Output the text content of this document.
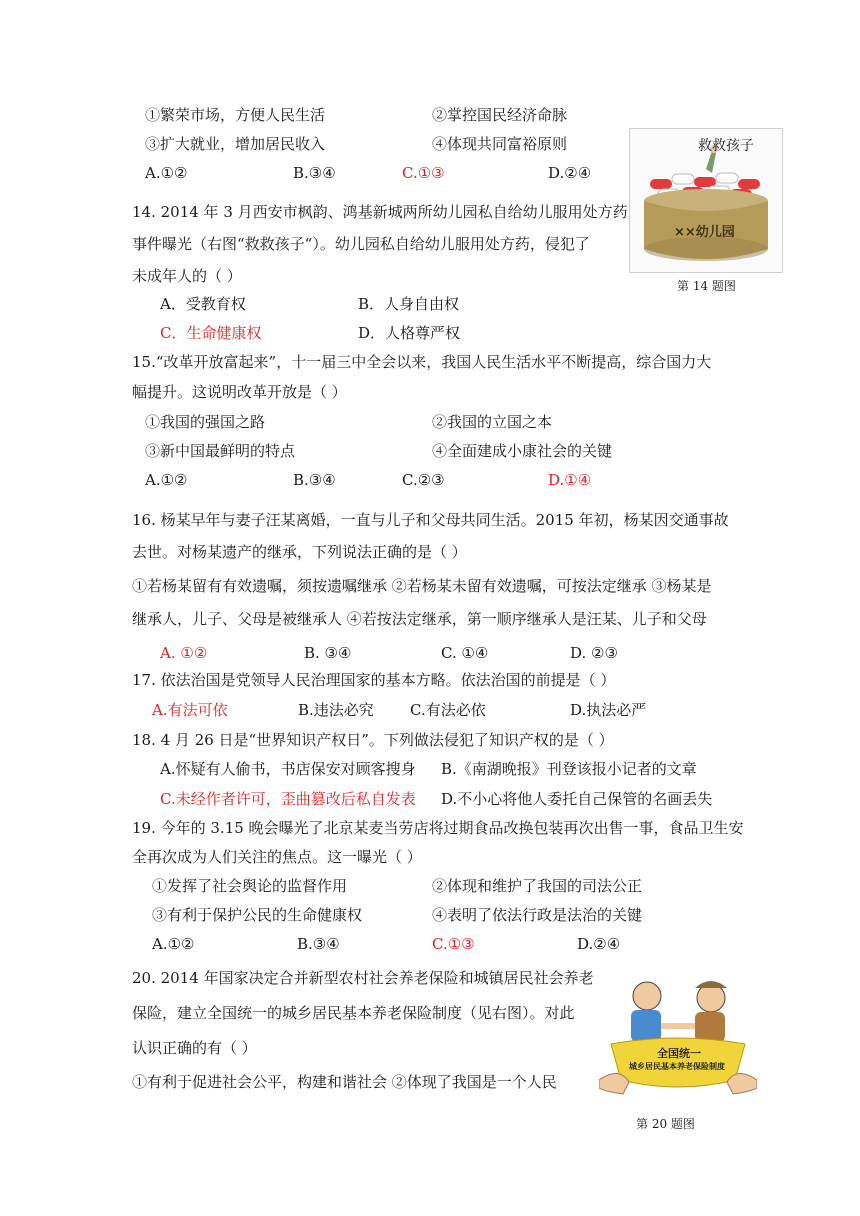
①繁荣市场，方便人民生活	②掌控国民经济命脉
③扩大就业，增加居民收入	④体现共同富裕原则
A.①②	B.③④	C.①③	D.②④
救救孩子
××幼儿园
第 14 题图
14. 2014 年 3 月西安市枫韵、鸿基新城两所幼儿园私自给幼儿服用处方药
事件曝光（右图“救救孩子“）。幼儿园私自给幼儿服用处方药，侵犯了
未成年人的（ ）
A．受教育权	B．人身自由权
C．生命健康权	D．人格尊严权
15.“改革开放富起来”，十一届三中全会以来，我国人民生活水平不断提高，综合国力大
幅提升。这说明改革开放是（ ）
①我国的强国之路	②我国的立国之本
③新中国最鲜明的特点	④全面建成小康社会的关键
A.①②	B.③④	C.②③	D.①④
16. 杨某早年与妻子汪某离婚，一直与儿子和父母共同生活。2015 年初，杨某因交通事故
去世。对杨某遗产的继承，下列说法正确的是（ ）
①若杨某留有有效遗嘱，须按遗嘱继承 ②若杨某未留有效遗嘱，可按法定继承 ③杨某是
继承人，儿子、父母是被继承人 ④若按法定继承，第一顺序继承人是汪某、儿子和父母
A. ①②	B. ③④	C. ①④	D. ②③
17. 依法治国是党领导人民治理国家的基本方略。依法治国的前提是（ ）
A.有法可依	B.违法必究 C.有法必依	D.执法必严
18. 4 月 26 日是“世界知识产权日”。下列做法侵犯了知识产权的是（ ）
A.怀疑有人偷书，书店保安对顾客搜身 B.《南湖晚报》刊登该报小记者的文章
C.未经作者许可，歪曲篡改后私自发表 D.不小心将他人委托自己保管的名画丢失
19. 今年的 3.15 晚会曝光了北京某麦当劳店将过期食品改换包装再次出售一事，食品卫生安
全再次成为人们关注的焦点。这一曝光（ ）
①发挥了社会舆论的监督作用	②体现和维护了我国的司法公正
③有利于保护公民的生命健康权	④表明了依法行政是法治的关键
A.①②	B.③④	C.①③	D.②④
20. 2014 年国家决定合并新型农村社会养老保险和城镇居民社会养老
保险，建立全国统一的城乡居民基本养老保险制度（见右图）。对此
认识正确的有（ ）
①有利于促进社会公平，构建和谐社会 ②体现了我国是一个人民
全国统一
城乡居民基本养老保险制度
第 20 题图
